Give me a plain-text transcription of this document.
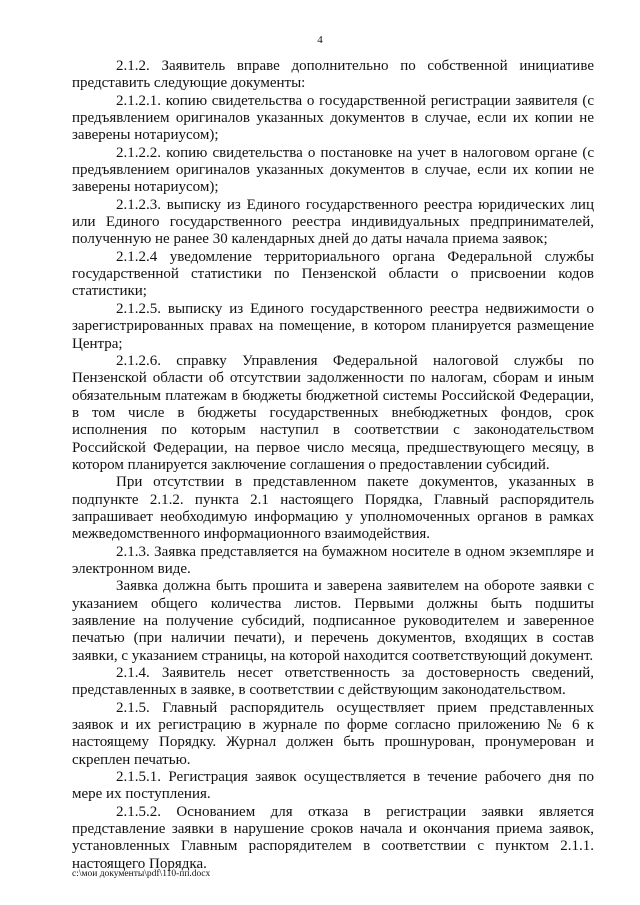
4

2.1.2. Заявитель вправе дополнительно по собственной инициативе представить следующие документы:

2.1.2.1. копию свидетельства о государственной регистрации заявителя (с предъявлением оригиналов указанных документов в случае, если их копии не заверены нотариусом);

2.1.2.2. копию свидетельства о постановке на учет в налоговом органе (с предъявлением оригиналов указанных документов в случае, если их копии не заверены нотариусом);

2.1.2.3. выписку из Единого государственного реестра юридических лиц или Единого государственного реестра индивидуальных предпринимателей, полученную не ранее 30 календарных дней до даты начала приема заявок;

2.1.2.4 уведомление территориального органа Федеральной службы государственной статистики по Пензенской области о присвоении кодов статистики;

2.1.2.5. выписку из Единого государственного реестра недвижимости о зарегистрированных правах на помещение, в котором планируется размещение Центра;

2.1.2.6. справку Управления Федеральной налоговой службы по Пензенской области об отсутствии задолженности по налогам, сборам и иным обязательным платежам в бюджеты бюджетной системы Российской Федерации, в том числе в бюджеты государственных внебюджетных фондов, срок исполнения по которым наступил в соответствии с законодательством Российской Федерации, на первое число месяца, предшествующего месяцу, в котором планируется заключение соглашения о предоставлении субсидий.

При отсутствии в представленном пакете документов, указанных в подпункте 2.1.2. пункта 2.1 настоящего Порядка, Главный распорядитель запрашивает необходимую информацию у уполномоченных органов в рамках межведомственного информационного взаимодействия.

2.1.3. Заявка представляется на бумажном носителе в одном экземпляре и электронном виде.

Заявка должна быть прошита и заверена заявителем на обороте заявки с указанием общего количества листов. Первыми должны быть подшиты заявление на получение субсидий, подписанное руководителем и заверенное печатью (при наличии печати), и перечень документов, входящих в состав заявки, с указанием страницы, на которой находится соответствующий документ.

2.1.4. Заявитель несет ответственность за достоверность сведений, представленных в заявке, в соответствии с действующим законодательством.

2.1.5. Главный распорядитель осуществляет прием представленных заявок и их регистрацию в журнале по форме согласно приложению № 6 к настоящему Порядку. Журнал должен быть прошнурован, пронумерован и скреплен печатью.

2.1.5.1. Регистрация заявок осуществляется в течение рабочего дня по мере их поступления.

2.1.5.2. Основанием для отказа в регистрации заявки является представление заявки в нарушение сроков начала и окончания приема заявок, установленных Главным распорядителем в соответствии с пунктом 2.1.1. настоящего Порядка.

c:\мои документы\pdf\110-пп.docx
